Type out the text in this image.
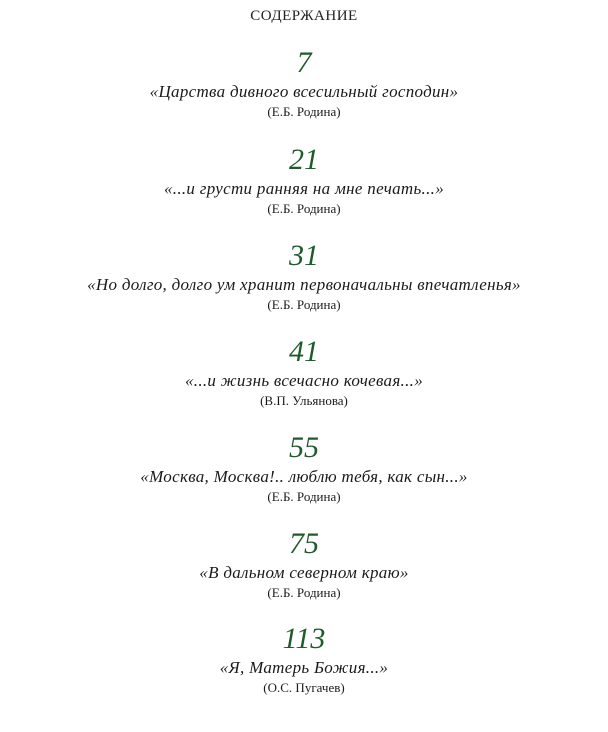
СОДЕРЖАНИЕ
7
«Царства дивного всесильный господин»
(Е.Б. Родина)
21
«...и грусти ранняя на мне печать...»
(Е.Б. Родина)
31
«Но долго, долго ум хранит первоначальны впечатленья»
(Е.Б. Родина)
41
«...и жизнь всечасно кочевая...»
(В.П. Ульянова)
55
«Москва, Москва!.. люблю тебя, как сын...»
(Е.Б. Родина)
75
«В дальном северном краю»
(Е.Б. Родина)
113
«Я, Матерь Божия...»
(О.С. Пугачев)
